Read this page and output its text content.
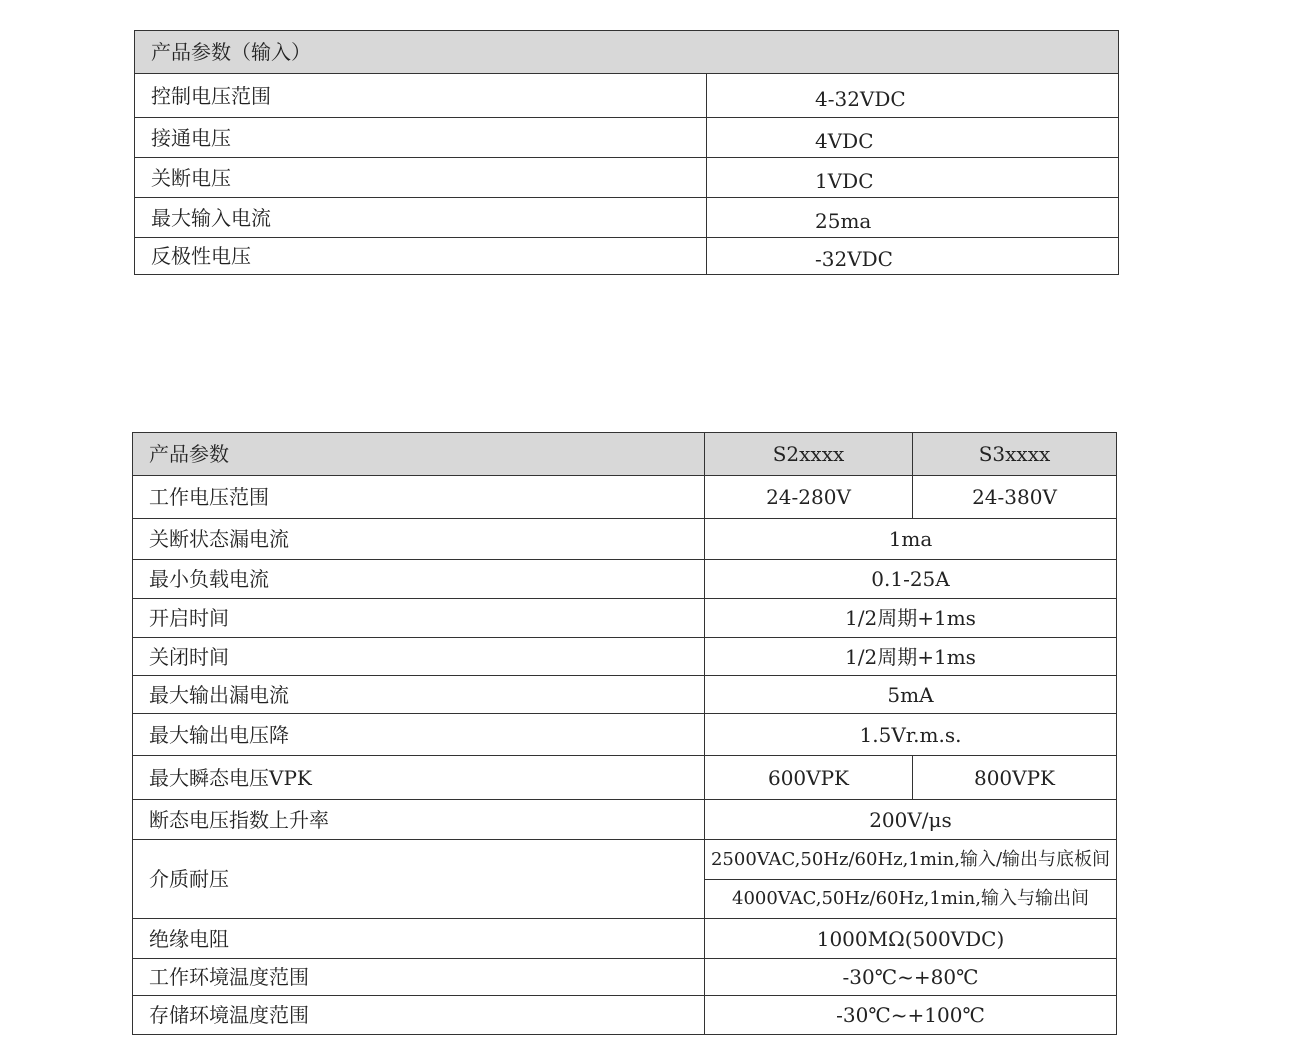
产品参数（输入）	
控制电压范围	4-32VDC
接通电压	4VDC
关断电压	1VDC
最大输入电流	25ma
反极性电压	-32VDC
产品参数	S2xxxx	S3xxxx
工作电压范围	24-280V	24-380V
关断状态漏电流	1ma	
最小负载电流	0.1-25A	
开启时间	1/2周期+1ms	
关闭时间	1/2周期+1ms	
最大输出漏电流	5mA	
最大输出电压降	1.5Vr.m.s.	
最大瞬态电压VPK	600VPK	800VPK
断态电压指数上升率	200V/μs	
介质耐压	2500VAC,50Hz/60Hz,1min,输入/输出与底板间	
	4000VAC,50Hz/60Hz,1min,输入与输出间	
绝缘电阻	1000MΩ(500VDC)	
工作环境温度范围	-30℃~+80℃	
存储环境温度范围	-30℃~+100℃	
